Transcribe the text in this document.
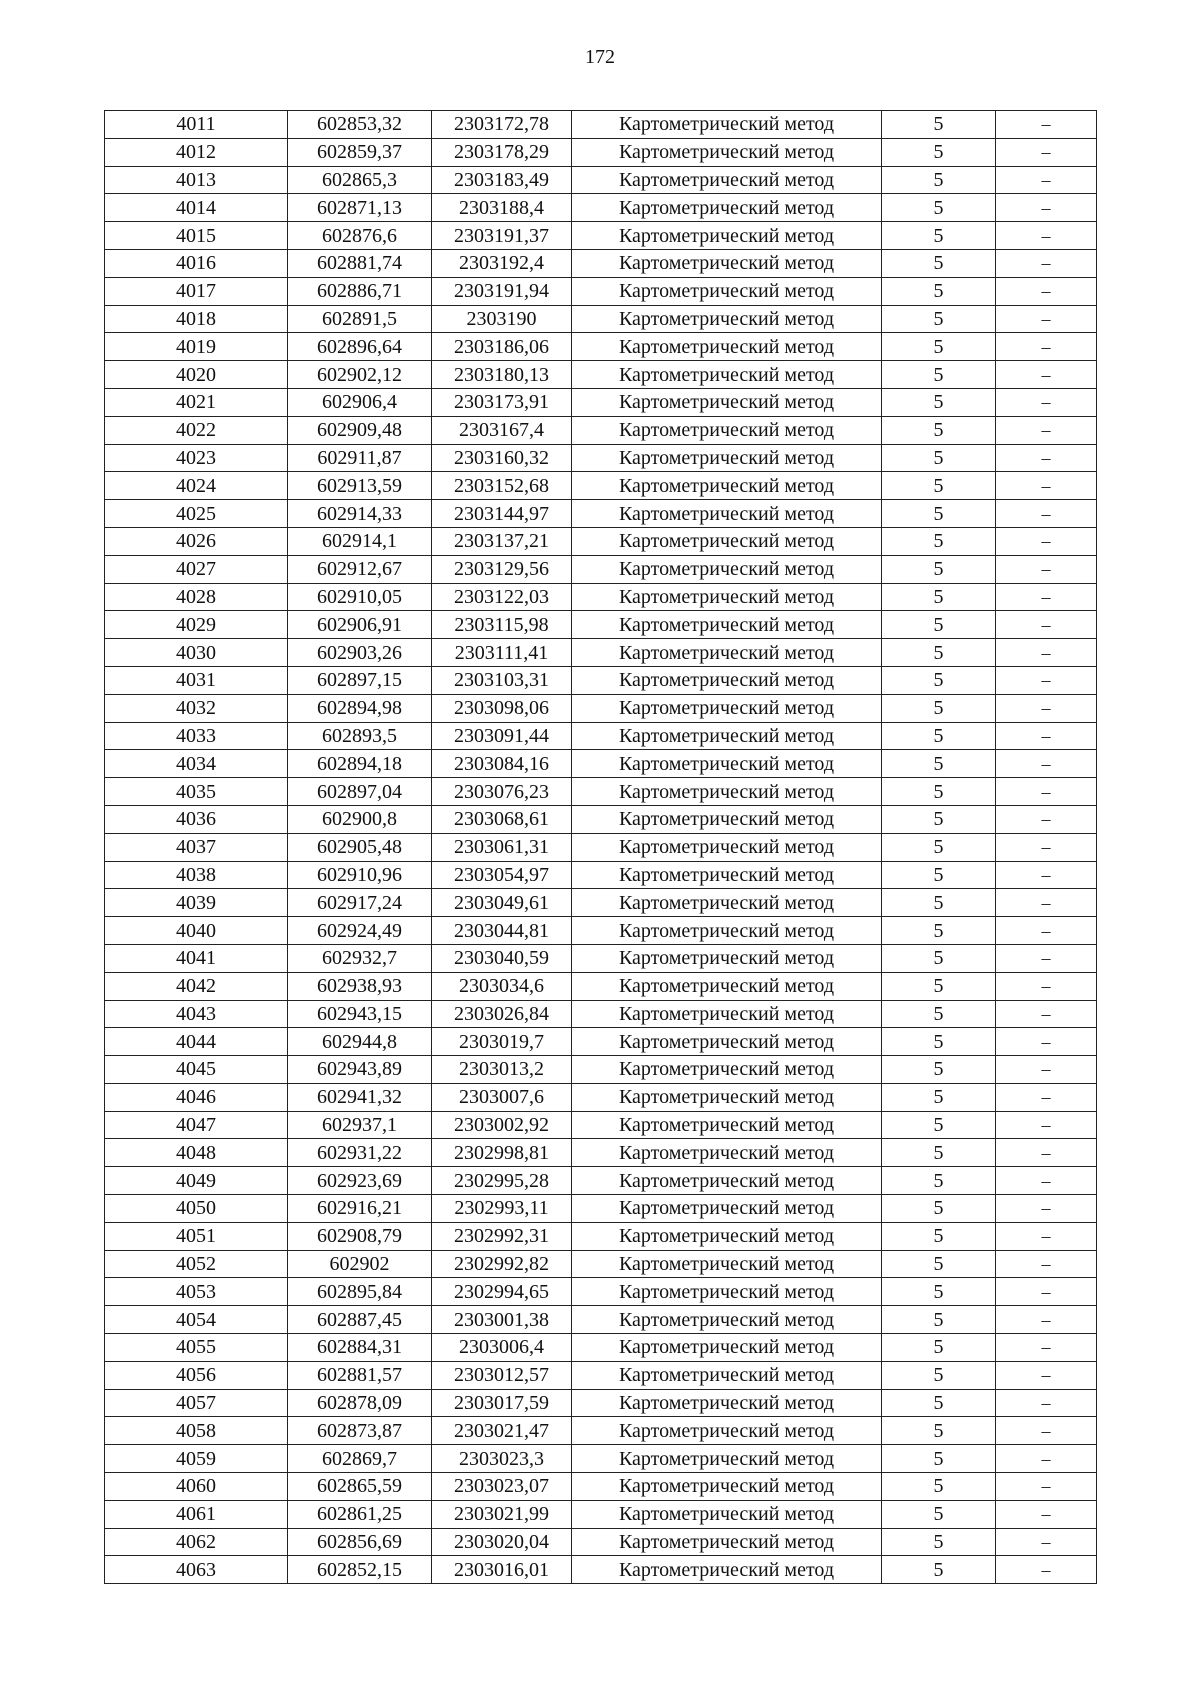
172
4011	602853,32	2303172,78	Картометрический метод	5	–
4012	602859,37	2303178,29	Картометрический метод	5	–
4013	602865,3	2303183,49	Картометрический метод	5	–
4014	602871,13	2303188,4	Картометрический метод	5	–
4015	602876,6	2303191,37	Картометрический метод	5	–
4016	602881,74	2303192,4	Картометрический метод	5	–
4017	602886,71	2303191,94	Картометрический метод	5	–
4018	602891,5	2303190	Картометрический метод	5	–
4019	602896,64	2303186,06	Картометрический метод	5	–
4020	602902,12	2303180,13	Картометрический метод	5	–
4021	602906,4	2303173,91	Картометрический метод	5	–
4022	602909,48	2303167,4	Картометрический метод	5	–
4023	602911,87	2303160,32	Картометрический метод	5	–
4024	602913,59	2303152,68	Картометрический метод	5	–
4025	602914,33	2303144,97	Картометрический метод	5	–
4026	602914,1	2303137,21	Картометрический метод	5	–
4027	602912,67	2303129,56	Картометрический метод	5	–
4028	602910,05	2303122,03	Картометрический метод	5	–
4029	602906,91	2303115,98	Картометрический метод	5	–
4030	602903,26	2303111,41	Картометрический метод	5	–
4031	602897,15	2303103,31	Картометрический метод	5	–
4032	602894,98	2303098,06	Картометрический метод	5	–
4033	602893,5	2303091,44	Картометрический метод	5	–
4034	602894,18	2303084,16	Картометрический метод	5	–
4035	602897,04	2303076,23	Картометрический метод	5	–
4036	602900,8	2303068,61	Картометрический метод	5	–
4037	602905,48	2303061,31	Картометрический метод	5	–
4038	602910,96	2303054,97	Картометрический метод	5	–
4039	602917,24	2303049,61	Картометрический метод	5	–
4040	602924,49	2303044,81	Картометрический метод	5	–
4041	602932,7	2303040,59	Картометрический метод	5	–
4042	602938,93	2303034,6	Картометрический метод	5	–
4043	602943,15	2303026,84	Картометрический метод	5	–
4044	602944,8	2303019,7	Картометрический метод	5	–
4045	602943,89	2303013,2	Картометрический метод	5	–
4046	602941,32	2303007,6	Картометрический метод	5	–
4047	602937,1	2303002,92	Картометрический метод	5	–
4048	602931,22	2302998,81	Картометрический метод	5	–
4049	602923,69	2302995,28	Картометрический метод	5	–
4050	602916,21	2302993,11	Картометрический метод	5	–
4051	602908,79	2302992,31	Картометрический метод	5	–
4052	602902	2302992,82	Картометрический метод	5	–
4053	602895,84	2302994,65	Картометрический метод	5	–
4054	602887,45	2303001,38	Картометрический метод	5	–
4055	602884,31	2303006,4	Картометрический метод	5	–
4056	602881,57	2303012,57	Картометрический метод	5	–
4057	602878,09	2303017,59	Картометрический метод	5	–
4058	602873,87	2303021,47	Картометрический метод	5	–
4059	602869,7	2303023,3	Картометрический метод	5	–
4060	602865,59	2303023,07	Картометрический метод	5	–
4061	602861,25	2303021,99	Картометрический метод	5	–
4062	602856,69	2303020,04	Картометрический метод	5	–
4063	602852,15	2303016,01	Картометрический метод	5	–
